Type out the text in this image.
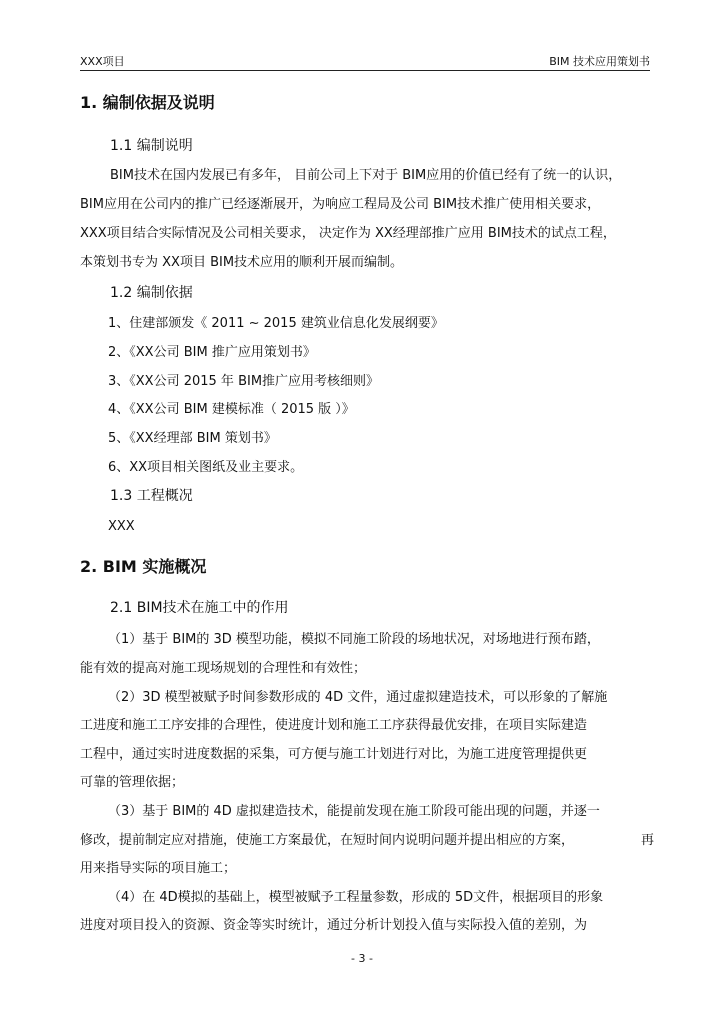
XXX项目	BIM 技术应用策划书
1. 编制依据及说明
1.1 编制说明
BIM技术在国内发展已有多年， 目前公司上下对于 BIM应用的价值已经有了统一的认识，
BIM应用在公司内的推广已经逐渐展开，为响应工程局及公司 BIM技术推广使用相关要求，
XXX项目结合实际情况及公司相关要求， 决定作为 XX经理部推广应用 BIM技术的试点工程，
本策划书专为 XX项目 BIM技术应用的顺利开展而编制。
1.2 编制依据
1、住建部颁发《 2011 ~ 2015 建筑业信息化发展纲要》
2、《XX公司 BIM 推广应用策划书》
3、《XX公司 2015 年 BIM推广应用考核细则》
4、《XX公司 BIM 建模标准（ 2015 版 ）》
5、《XX经理部 BIM 策划书》
6、XX项目相关图纸及业主要求。
1.3 工程概况
XXX
2. BIM 实施概况
2.1 BIM技术在施工中的作用
（1）基于 BIM的 3D 模型功能，模拟不同施工阶段的场地状况，对场地进行预布踏，
能有效的提高对施工现场规划的合理性和有效性；
（2）3D 模型被赋予时间参数形成的 4D 文件，通过虚拟建造技术，可以形象的了解施
工进度和施工工序安排的合理性，使进度计划和施工工序获得最优安排，在项目实际建造
工程中，通过实时进度数据的采集，可方便与施工计划进行对比，为施工进度管理提供更
可靠的管理依据；
（3）基于 BIM的 4D 虚拟建造技术，能提前发现在施工阶段可能出现的问题，并逐一
修改，提前制定应对措施，使施工方案最优，在短时间内说明问题并提出相应的方案，	再
用来指导实际的项目施工；
（4）在 4D模拟的基础上，模型被赋予工程量参数，形成的 5D文件，根据项目的形象
进度对项目投入的资源、资金等实时统计，通过分析计划投入值与实际投入值的差别，为
- 3 -
